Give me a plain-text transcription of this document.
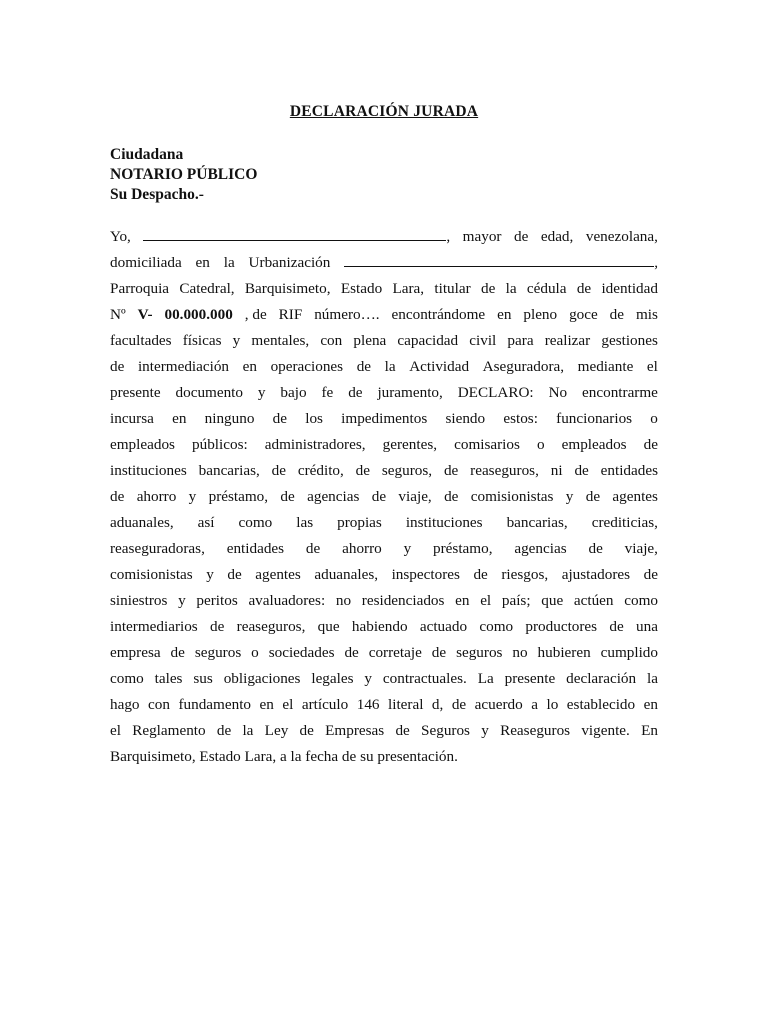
DECLARACIÓN JURADA
Ciudadana
NOTARIO PÚBLICO
Su Despacho.-
Yo,	, mayor de edad, venezolana,
domiciliada en la Urbanización	,
Parroquia Catedral, Barquisimeto, Estado Lara, titular de la cédula de identidad
Nº V- 00.000.000 , de RIF número…. encontrándome en pleno goce de mis
facultades físicas y mentales, con plena capacidad civil para realizar gestiones
de intermediación en operaciones de la Actividad Aseguradora, mediante el
presente documento y bajo fe de juramento, DECLARO: No encontrarme
incursa en ninguno de los impedimentos siendo estos: funcionarios o
empleados públicos: administradores, gerentes, comisarios o empleados de
instituciones bancarias, de crédito, de seguros, de reaseguros, ni de entidades
de ahorro y préstamo, de agencias de viaje, de comisionistas y de agentes
aduanales, así como las propias instituciones bancarias, crediticias,
reaseguradoras, entidades de ahorro y préstamo, agencias de viaje,
comisionistas y de agentes aduanales, inspectores de riesgos, ajustadores de
siniestros y peritos avaluadores: no residenciados en el país; que actúen como
intermediarios de reaseguros, que habiendo actuado como productores de una
empresa de seguros o sociedades de corretaje de seguros no hubieren cumplido
como tales sus obligaciones legales y contractuales. La presente declaración la
hago con fundamento en el artículo 146 literal d, de acuerdo a lo establecido en
el Reglamento de la Ley de Empresas de Seguros y Reaseguros vigente. En
Barquisimeto, Estado Lara, a la fecha de su presentación.
